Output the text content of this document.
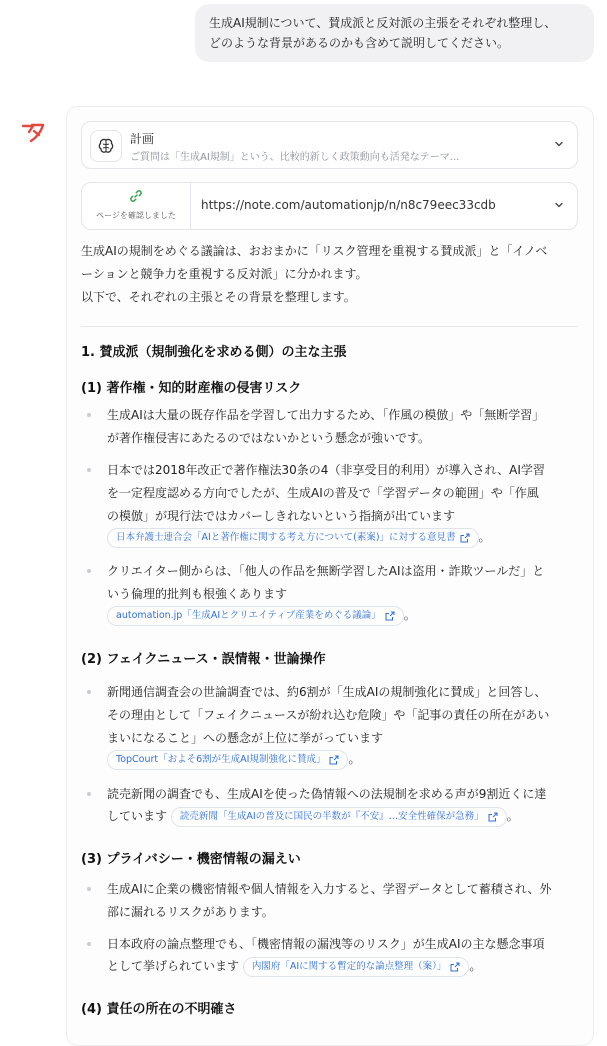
生成AI規制について、賛成派と反対派の主張をそれぞれ整理し、
どのような背景があるのかも含めて説明してください。
計画
ご質問は「生成AI規制」という、比較的新しく政策動向も活発なテーマ...
ページを確認しました
https://note.com/automationjp/n/n8c79eec33cdb
生成AIの規制をめぐる議論は、おおまかに「リスク管理を重視する賛成派」と「イノベ
ーションと競争力を重視する反対派」に分かれます。
以下で、それぞれの主張とその背景を整理します。
1. 賛成派（規制強化を求める側）の主な主張
(1) 著作権・知的財産権の侵害リスク
生成AIは大量の既存作品を学習して出力するため、「作風の模倣」や「無断学習」
が著作権侵害にあたるのではないかという懸念が強いです。
日本では2018年改正で著作権法30条の4（非享受目的利用）が導入され、AI学習
を一定程度認める方向でしたが、生成AIの普及で「学習データの範囲」や「作風
の模倣」が現行法ではカバーしきれないという指摘が出ています
日本弁護士連合会「AIと著作権に関する考え方について(素案)」に対する意見書 。
クリエイター側からは、「他人の作品を無断学習したAIは盗用・詐欺ツールだ」と
いう倫理的批判も根強くあります
automation.jp「生成AIとクリエイティブ産業をめぐる議論」 。
(2) フェイクニュース・誤情報・世論操作
新聞通信調査会の世論調査では、約6割が「生成AIの規制強化に賛成」と回答し、
その理由として「フェイクニュースが紛れ込む危険」や「記事の責任の所在があい
まいになること」への懸念が上位に挙がっています
TopCourt「およそ6割が生成AI規制強化に賛成」 。
読売新聞の調査でも、生成AIを使った偽情報への法規制を求める声が9割近くに達
しています 読売新聞「生成AIの普及に国民の半数が『不安』…安全性確保が急務」 。
(3) プライバシー・機密情報の漏えい
生成AIに企業の機密情報や個人情報を入力すると、学習データとして蓄積され、外
部に漏れるリスクがあります。
日本政府の論点整理でも、「機密情報の漏洩等のリスク」が生成AIの主な懸念事項
として挙げられています 内閣府「AIに関する暫定的な論点整理（案）」 。
(4) 責任の所在の不明確さ
